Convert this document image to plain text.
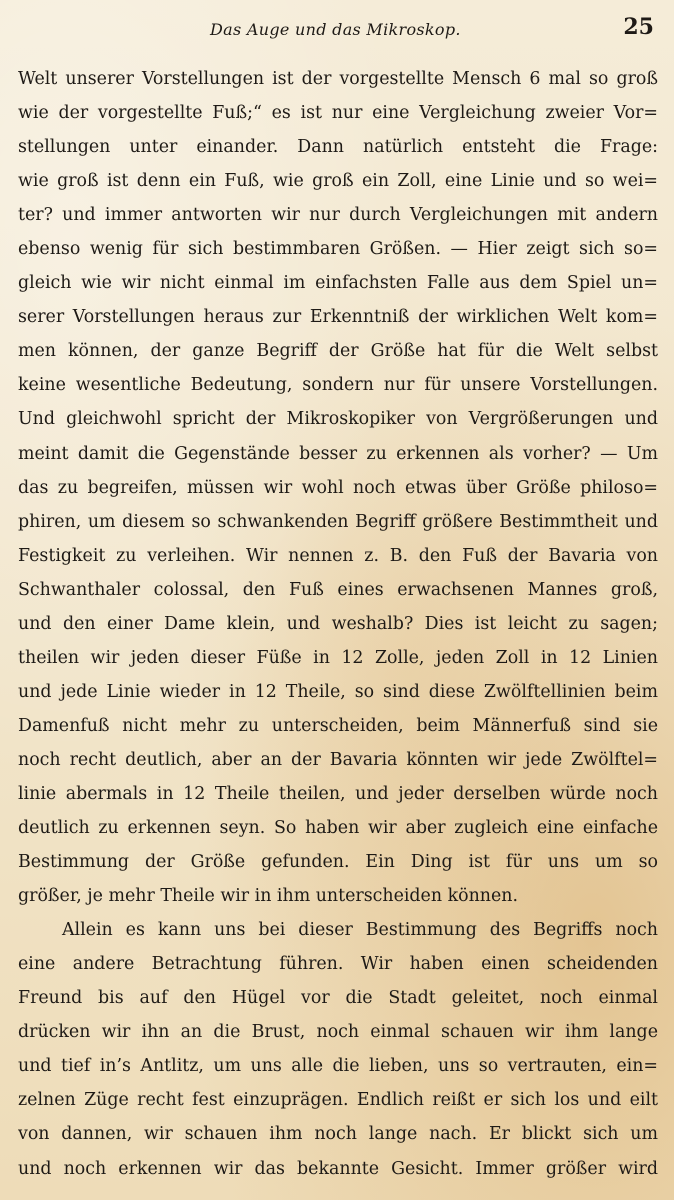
Das Auge und das Mikroskop.	25
Welt unserer Vorstellungen ist der vorgestellte Mensch 6 mal so groß
wie der vorgestellte Fuß;“ es ist nur eine Vergleichung zweier Vor=
stellungen unter einander. Dann natürlich entsteht die Frage:
wie groß ist denn ein Fuß, wie groß ein Zoll, eine Linie und so wei=
ter? und immer antworten wir nur durch Vergleichungen mit andern
ebenso wenig für sich bestimmbaren Größen. — Hier zeigt sich so=
gleich wie wir nicht einmal im einfachsten Falle aus dem Spiel un=
serer Vorstellungen heraus zur Erkenntniß der wirklichen Welt kom=
men können, der ganze Begriff der Größe hat für die Welt selbst
keine wesentliche Bedeutung, sondern nur für unsere Vorstellungen.
Und gleichwohl spricht der Mikroskopiker von Vergrößerungen und
meint damit die Gegenstände besser zu erkennen als vorher? — Um
das zu begreifen, müssen wir wohl noch etwas über Größe philoso=
phiren, um diesem so schwankenden Begriff größere Bestimmtheit und
Festigkeit zu verleihen. Wir nennen z. B. den Fuß der Bavaria von
Schwanthaler colossal, den Fuß eines erwachsenen Mannes groß,
und den einer Dame klein, und weshalb? Dies ist leicht zu sagen;
theilen wir jeden dieser Füße in 12 Zolle, jeden Zoll in 12 Linien
und jede Linie wieder in 12 Theile, so sind diese Zwölftellinien beim
Damenfuß nicht mehr zu unterscheiden, beim Männerfuß sind sie
noch recht deutlich, aber an der Bavaria könnten wir jede Zwölftel=
linie abermals in 12 Theile theilen, und jeder derselben würde noch
deutlich zu erkennen seyn. So haben wir aber zugleich eine einfache
Bestimmung der Größe gefunden. Ein Ding ist für uns um so
größer, je mehr Theile wir in ihm unterscheiden können.
Allein es kann uns bei dieser Bestimmung des Begriffs noch
eine andere Betrachtung führen. Wir haben einen scheidenden
Freund bis auf den Hügel vor die Stadt geleitet, noch einmal
drücken wir ihn an die Brust, noch einmal schauen wir ihm lange
und tief in’s Antlitz, um uns alle die lieben, uns so vertrauten, ein=
zelnen Züge recht fest einzuprägen. Endlich reißt er sich los und eilt
von dannen, wir schauen ihm noch lange nach. Er blickt sich um
und noch erkennen wir das bekannte Gesicht. Immer größer wird
